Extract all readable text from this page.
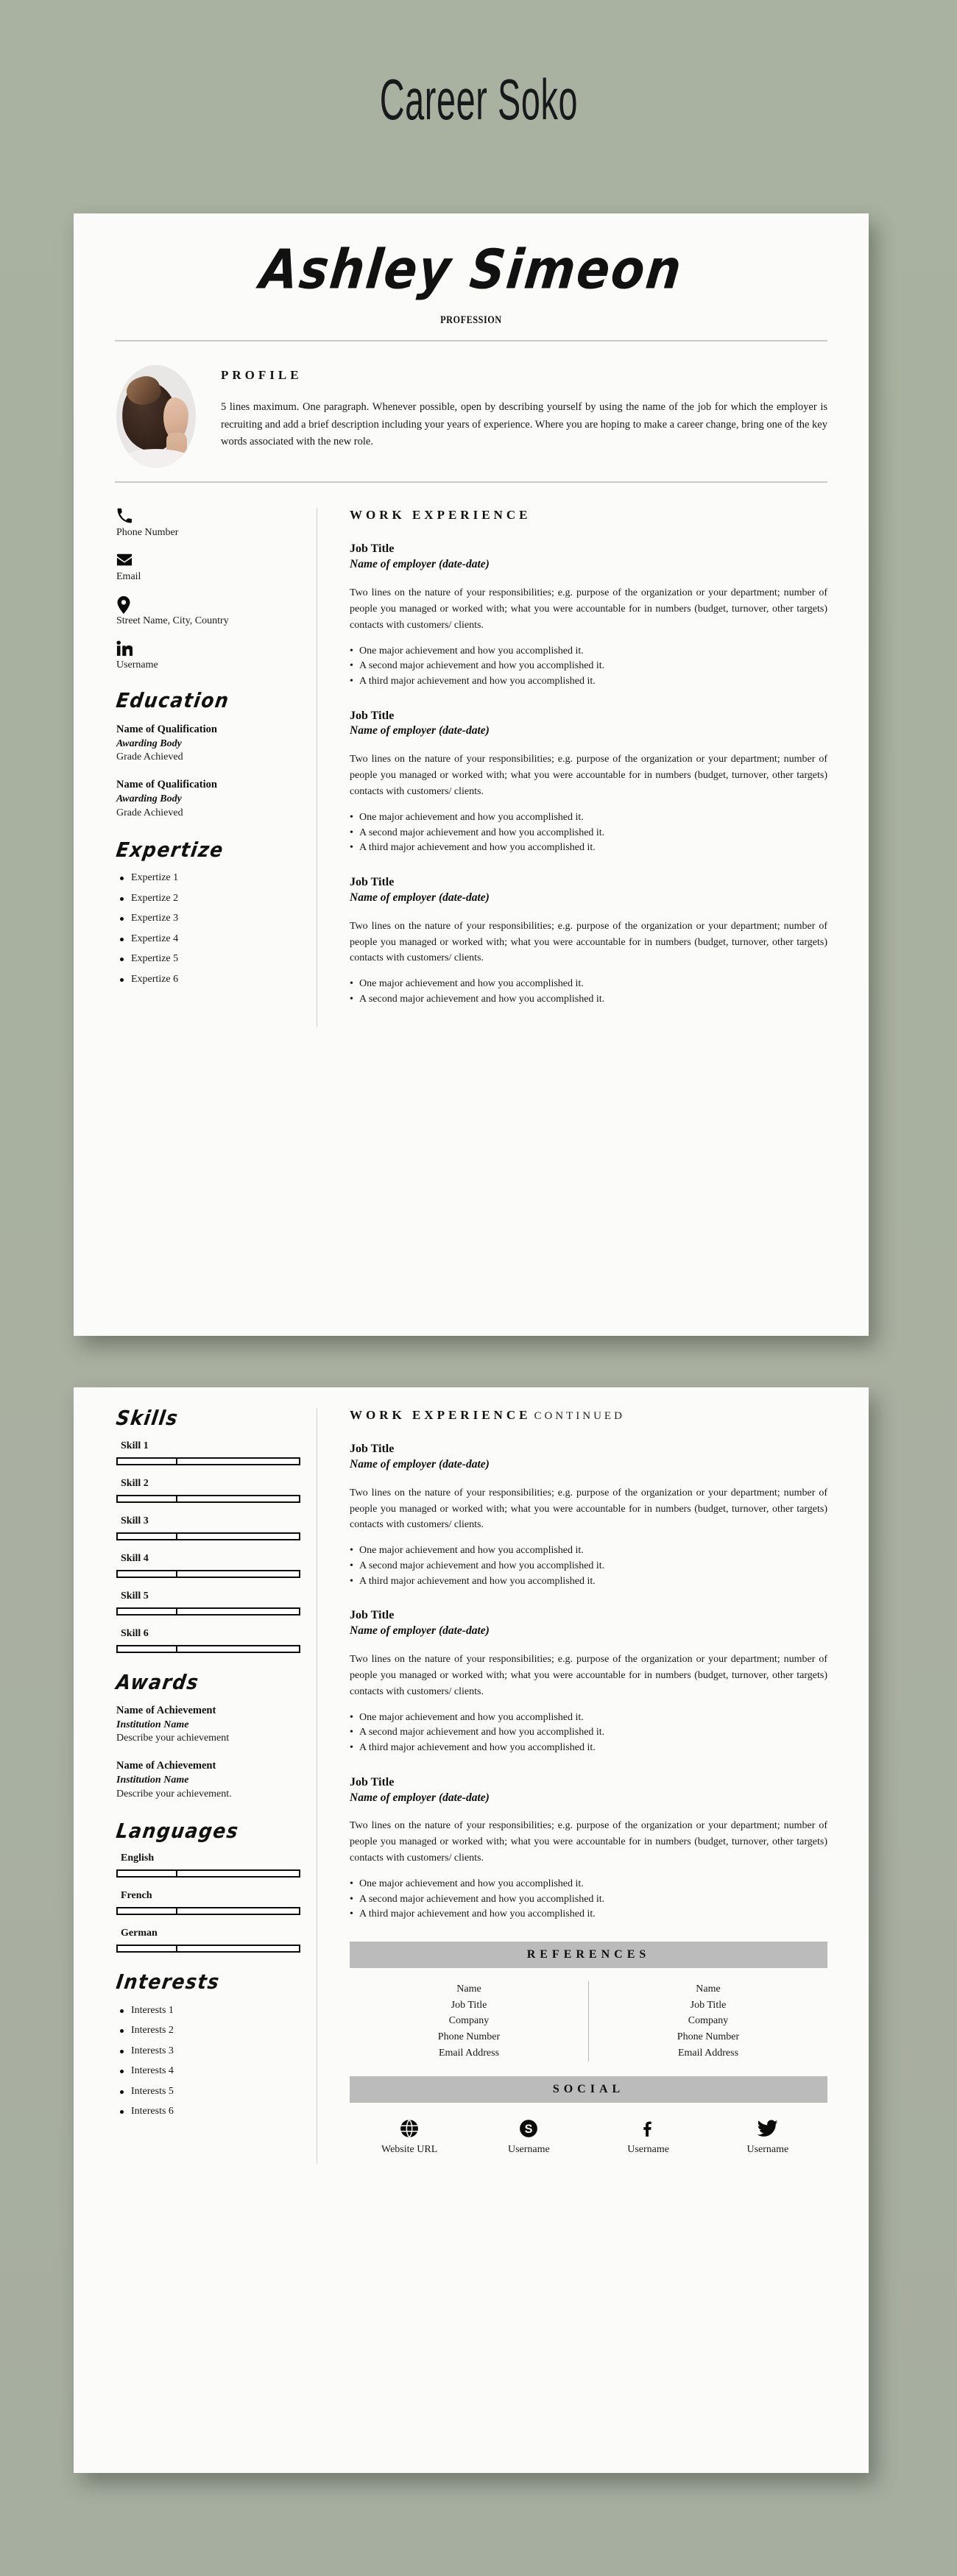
Career Soko
Ashley Simeon
PROFESSION
PROFILE
5 lines maximum. One paragraph. Whenever possible, open by describing yourself by using the name of the job for which the employer is recruiting and add a brief description including your years of experience. Where you are hoping to make a career change, bring one of the key words associated with the new role.
Phone Number
Email
Street Name, City, Country
Username
Education
Name of Qualification
Awarding Body
Grade Achieved
Name of Qualification
Awarding Body
Grade Achieved
Expertize
Expertize 1
Expertize 2
Expertize 3
Expertize 4
Expertize 5
Expertize 6
WORK EXPERIENCE
Job Title
Name of employer (date-date)
Two lines on the nature of your responsibilities; e.g. purpose of the organization or your department; number of people you managed or worked with; what you were accountable for in numbers (budget, turnover, other targets) contacts with customers/ clients.
• One major achievement and how you accomplished it.
• A second major achievement and how you accomplished it.
• A third major achievement and how you accomplished it.
Job Title
Name of employer (date-date)
Two lines on the nature of your responsibilities; e.g. purpose of the organization or your department; number of people you managed or worked with; what you were accountable for in numbers (budget, turnover, other targets) contacts with customers/ clients.
• One major achievement and how you accomplished it.
• A second major achievement and how you accomplished it.
• A third major achievement and how you accomplished it.
Job Title
Name of employer (date-date)
Two lines on the nature of your responsibilities; e.g. purpose of the organization or your department; number of people you managed or worked with; what you were accountable for in numbers (budget, turnover, other targets) contacts with customers/ clients.
• One major achievement and how you accomplished it.
• A second major achievement and how you accomplished it.
Skills
Skill 1
Skill 2
Skill 3
Skill 4
Skill 5
Skill 6
Awards
Name of Achievement
Institution Name
Describe your achievement
Name of Achievement
Institution Name
Describe your achievement.
Languages
English
French
German
Interests
Interests 1
Interests 2
Interests 3
Interests 4
Interests 5
Interests 6
WORK EXPERIENCE CONTINUED
Job Title
Name of employer (date-date)
Two lines on the nature of your responsibilities; e.g. purpose of the organization or your department; number of people you managed or worked with; what you were accountable for in numbers (budget, turnover, other targets) contacts with customers/ clients.
• One major achievement and how you accomplished it.
• A second major achievement and how you accomplished it.
• A third major achievement and how you accomplished it.
Job Title
Name of employer (date-date)
Two lines on the nature of your responsibilities; e.g. purpose of the organization or your department; number of people you managed or worked with; what you were accountable for in numbers (budget, turnover, other targets) contacts with customers/ clients.
• One major achievement and how you accomplished it.
• A second major achievement and how you accomplished it.
• A third major achievement and how you accomplished it.
Job Title
Name of employer (date-date)
Two lines on the nature of your responsibilities; e.g. purpose of the organization or your department; number of people you managed or worked with; what you were accountable for in numbers (budget, turnover, other targets) contacts with customers/ clients.
• One major achievement and how you accomplished it.
• A second major achievement and how you accomplished it.
• A third major achievement and how you accomplished it.
REFERENCES
Name
Job Title
Company
Phone Number
Email Address
Name
Job Title
Company
Phone Number
Email Address
SOCIAL
Website URL
S
Username	Username	Username
